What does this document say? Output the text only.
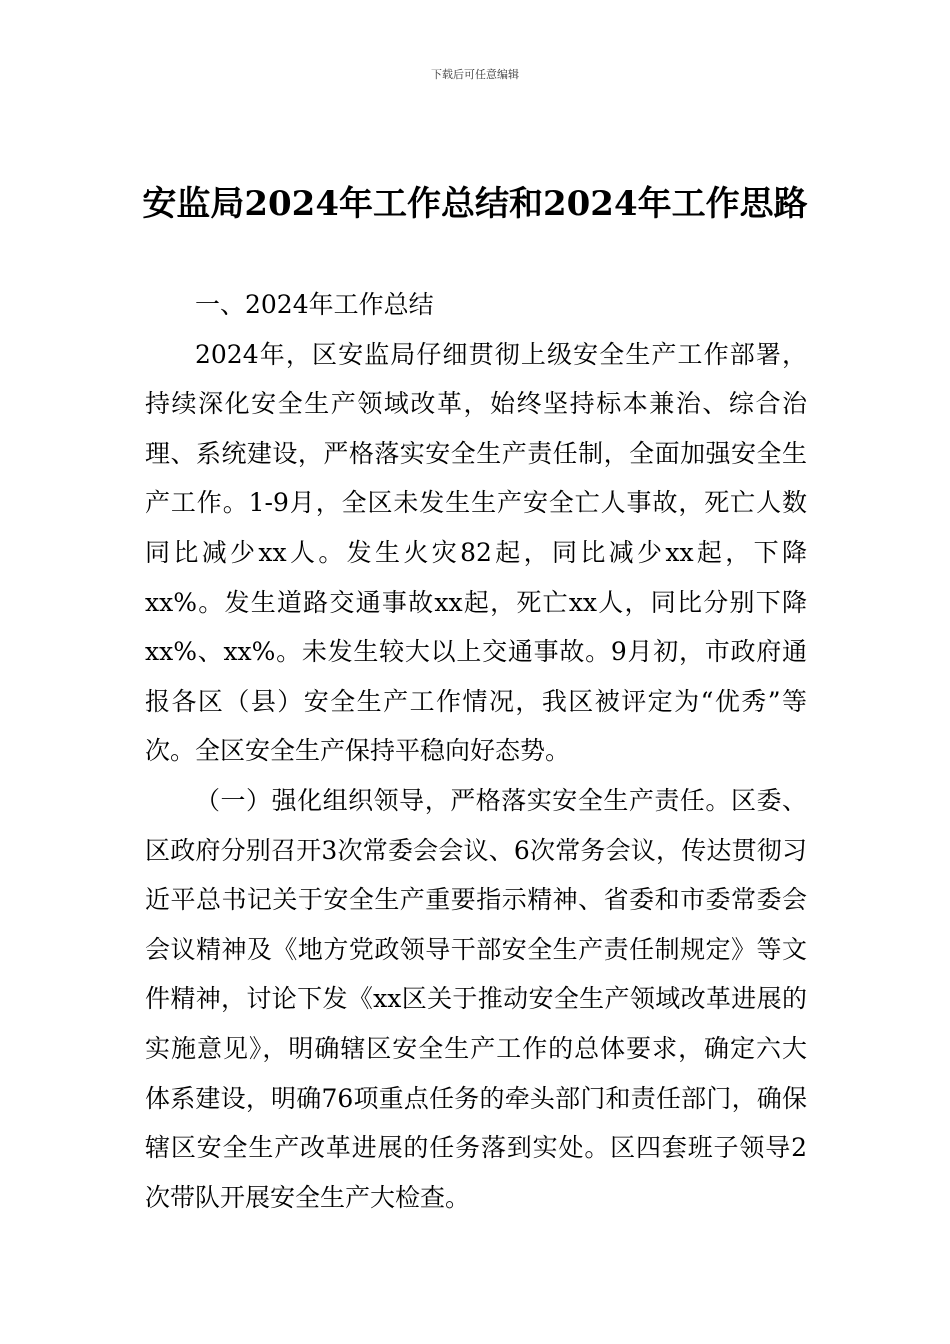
下载后可任意编辑
安监局2024年工作总结和2024年工作思路

一、2024年工作总结

2024年，区安监局仔细贯彻上级安全生产工作部署，持续深化安全生产领域改革，始终坚持标本兼治、综合治理、系统建设，严格落实安全生产责任制，全面加强安全生产工作。1-9月，全区未发生生产安全亡人事故，死亡人数同比减少xx人。发生火灾82起，同比减少xx起，下降xx%。发生道路交通事故xx起，死亡xx人，同比分别下降xx%、xx%。未发生较大以上交通事故。9月初，市政府通报各区（县）安全生产工作情况，我区被评定为“优秀”等次。全区安全生产保持平稳向好态势。

（一）强化组织领导，严格落实安全生产责任。区委、区政府分别召开3次常委会会议、6次常务会议，传达贯彻习近平总书记关于安全生产重要指示精神、省委和市委常委会会议精神及《地方党政领导干部安全生产责任制规定》等文件精神，讨论下发《xx区关于推动安全生产领域改革进展的实施意见》，明确辖区安全生产工作的总体要求，确定六大体系建设，明确76项重点任务的牵头部门和责任部门，确保辖区安全生产改革进展的任务落到实处。区四套班子领导2次带队开展安全生产大检查。
